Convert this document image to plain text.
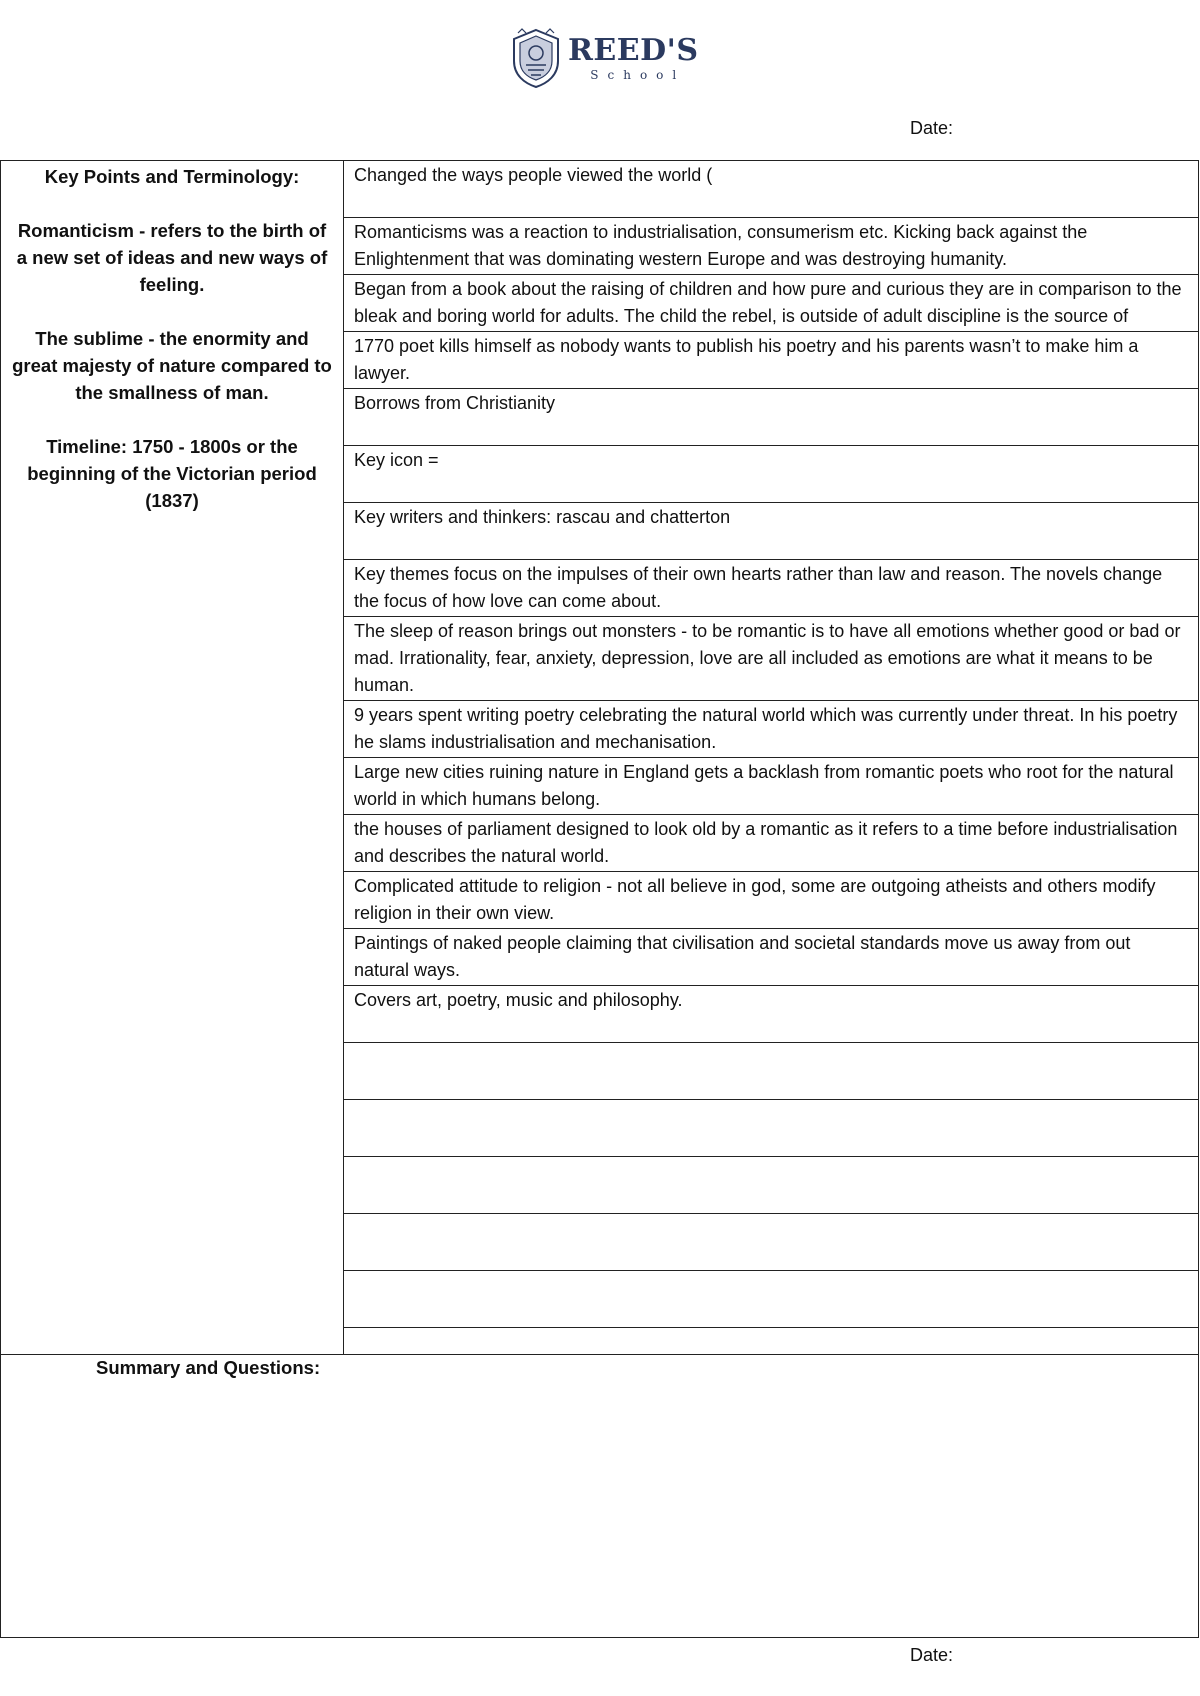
REED'S
School
Date:

Key Points and Terminology:

Romanticism - refers to the birth of a new set of ideas and new ways of feeling.

The sublime - the enormity and great majesty of nature compared to the smallness of man.

Timeline: 1750 - 1800s or the beginning of the Victorian period (1837)

Changed the ways people viewed the world (
Romanticisms was a reaction to industrialisation, consumerism etc. Kicking back against the Enlightenment that was dominating western Europe and was destroying humanity.
Began from a book about the raising of children and how pure and curious they are in comparison to the bleak and boring world for adults. The child the rebel, is outside of adult discipline is the source of
1770 poet kills himself as nobody wants to publish his poetry and his parents wasn’t to make him a lawyer.
Borrows from Christianity
Key icon =
Key writers and thinkers: rascau and chatterton
Key themes focus on the impulses of their own hearts rather than law and reason. The novels change the focus of how love can come about.
The sleep of reason brings out monsters - to be romantic is to have all emotions whether good or bad or mad. Irrationality, fear, anxiety, depression, love are all included as emotions are what it means to be human.
9 years spent writing poetry celebrating the natural world which was currently under threat. In his poetry he slams industrialisation and mechanisation.
Large new cities ruining nature in England gets a backlash from romantic poets who root for the natural world in which humans belong.
the houses of parliament designed to look old by a romantic as it refers to a time before industrialisation and describes the natural world.
Complicated attitude to religion - not all believe in god, some are outgoing atheists and others modify religion in their own view.
Paintings of naked people claiming that civilisation and societal standards move us away from out natural ways.
Covers art, poetry, music and philosophy.
Summary and Questions:
Date:
